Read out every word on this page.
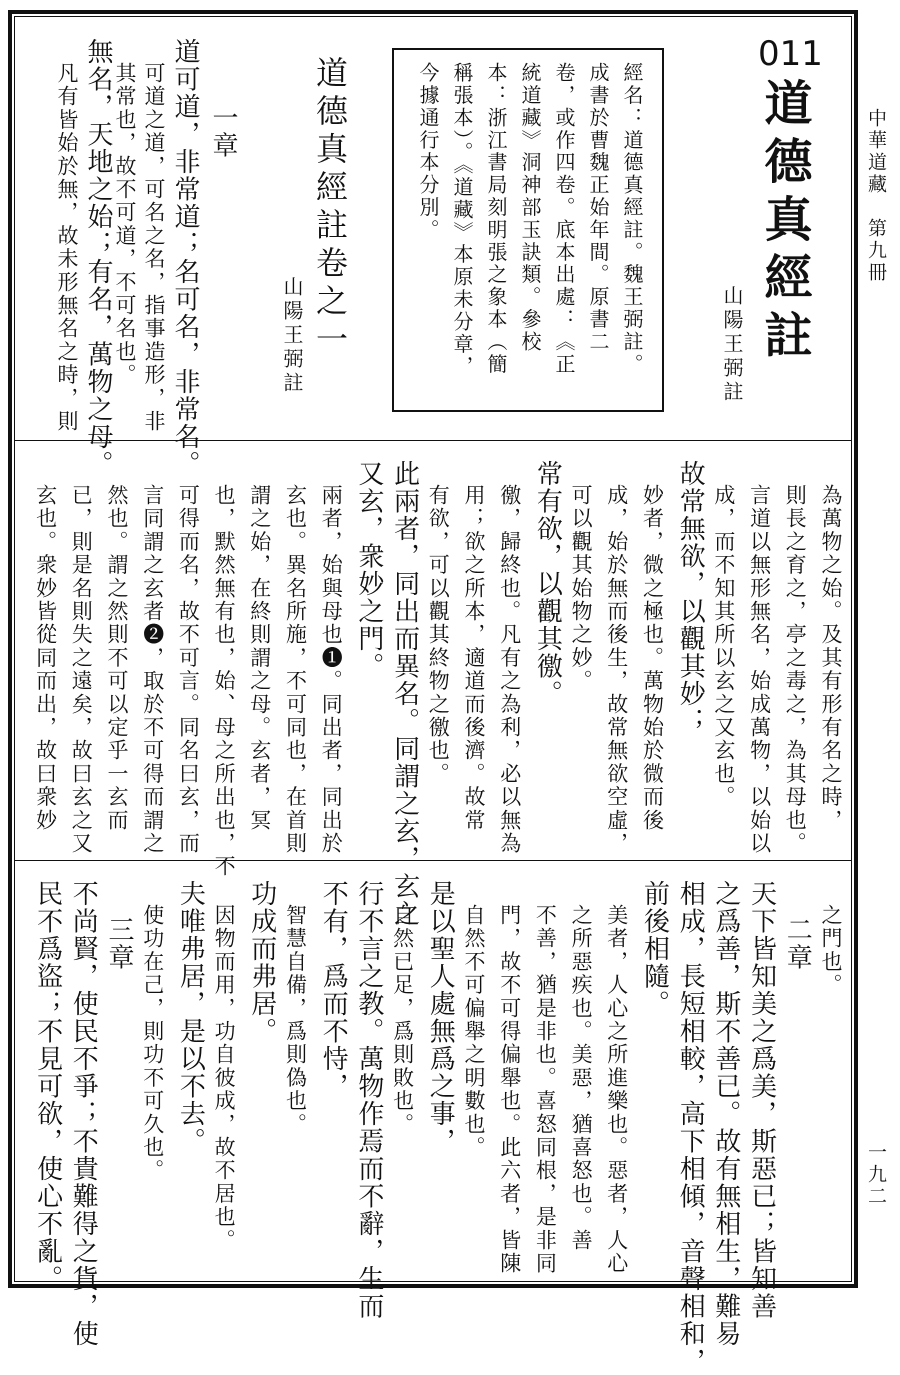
中華道藏　第九冊
一九二
011
道德真經註
山陽王弼註
經名：道德真經註。魏王弼註。
成書於曹魏正始年間。原書二
卷，或作四卷。底本出處：《正
統道藏》洞神部玉訣類。參校
本：浙江書局刻明張之象本（簡
稱張本）。《道藏》本原未分章，
今據通行本分別。
道德真經註卷之一
山陽王弼註
一章
道可道，非常道；名可名，非常名。
可道之道，可名之名，指事造形，非
其常也，故不可道，不可名也。
無名，天地之始；有名，萬物之母。
凡有皆始於無，故未形無名之時，則
為萬物之始。及其有形有名之時，
則長之育之，亭之毒之，為其母也。
言道以無形無名，始成萬物，以始以
成，而不知其所以玄之又玄也。
故常無欲，以觀其妙；
妙者，微之極也。萬物始於微而後
成，始於無而後生，故常無欲空虛，
可以觀其始物之妙。
常有欲，以觀其徼。
徼，歸終也。凡有之為利，必以無為
用；欲之所本，適道而後濟。故常
有欲，可以觀其終物之徼也。
此兩者，同出而異名。同謂之玄，玄之
又玄，衆妙之門。
兩者，始與母也❶。同出者，同出於
玄也。異名所施，不可同也，在首則
謂之始，在終則謂之母。玄者，冥
也，默然無有也，始、母之所出也，不
可得而名，故不可言。同名曰玄，而
言同謂之玄者❷，取於不可得而謂之
然也。謂之然則不可以定乎一玄而
已，則是名則失之遠矣，故曰玄之又
玄也。衆妙皆從同而出，故曰衆妙
之門也。
二章
天下皆知美之爲美，斯惡已；皆知善
之爲善，斯不善已。故有無相生，難易
相成，長短相較，高下相傾，音聲相和，
前後相隨。
美者，人心之所進樂也。惡者，人心
之所惡疾也。美惡，猶喜怒也。善
不善，猶是非也。喜怒同根，是非同
門，故不可得偏舉也。此六者，皆陳
自然不可偏舉之明數也。
是以聖人處無爲之事，
自然已足，爲則敗也。
行不言之教。萬物作焉而不辭，生而
不有，爲而不恃，
智慧自備，爲則偽也。
功成而弗居。
因物而用，功自彼成，故不居也。
夫唯弗居，是以不去。
使功在己，則功不可久也。
三章
不尚賢，使民不爭；不貴難得之貨，使
民不爲盜；不見可欲，使心不亂。
